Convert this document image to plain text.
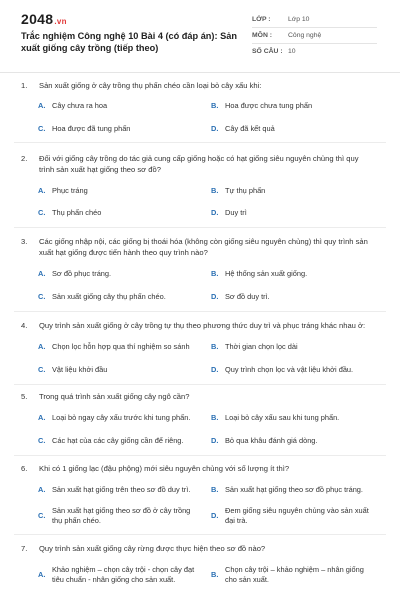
2048.vn
Trắc nghiệm Công nghệ 10 Bài 4 (có đáp án): Sản xuất giống cây trồng (tiếp theo)
LỚP :	Lớp 10
MÔN :	Công nghệ
SỐ CÂU : 10
1.	Sản xuất giống ở cây trồng thụ phấn chéo cần loại bỏ cây xấu khi:
A. Cây chưa ra hoa	B. Hoa được chưa tung phấn
C. Hoa được đã tung phấn	D. Cây đã kết quả
2.	Đối với giống cây trồng do tác giả cung cấp giống hoặc có hạt giống siêu nguyên chủng thì quy trình sản xuất hạt giống theo sơ đồ?
A. Phục tráng	B. Tự thụ phấn
C. Thụ phấn chéo	D. Duy trì
3.	Các giống nhập nội, các giống bị thoái hóa (không còn giống siêu nguyên chủng) thì quy trình sản xuất hạt giống được tiến hành theo quy trình nào?
A. Sơ đồ phục tráng.	B. Hệ thống sản xuất giống.
C. Sản xuất giống cây thụ phấn chéo.	D. Sơ đồ duy trì.
4.	Quy trình sản xuất giống ở cây trồng tự thụ theo phương thức duy trì và phục tráng khác nhau ở:
A. Chọn lọc hỗn hợp qua thí nghiệm so sánh	B. Thời gian chọn lọc dài
C. Vật liệu khởi đầu	D. Quy trình chọn lọc và vật liệu khởi đầu.
5.	Trong quá trình sản xuất giống cây ngô cần?
A. Loại bỏ ngay cây xấu trước khi tung phấn.	B. Loại bỏ cây xấu sau khi tung phấn.
C. Các hạt của các cây giống cần để riêng.	D. Bỏ qua khâu đánh giá dòng.
6.	Khi có 1 giống lạc (đậu phộng) mới siêu nguyên chủng với số lượng ít thì?
A. Sản xuất hạt giống trên theo sơ đồ duy trì.	B. Sản xuất hạt giống theo sơ đồ phục tráng.
C.
Sản xuất hạt giống theo sơ đồ ở cây trồng thụ phấn chéo.
D.
Đem giống siêu nguyên chủng vào sản xuất đại trà.
7.	Quy trình sản xuất giống cây rừng được thực hiện theo sơ đồ nào?
A.
Khảo nghiệm – chọn cây trội - chọn cây đạt tiêu chuẩn - nhân giống cho sản xuất.
B.
Chọn cây trội – khảo nghiệm – nhân giống cho sản xuất.
